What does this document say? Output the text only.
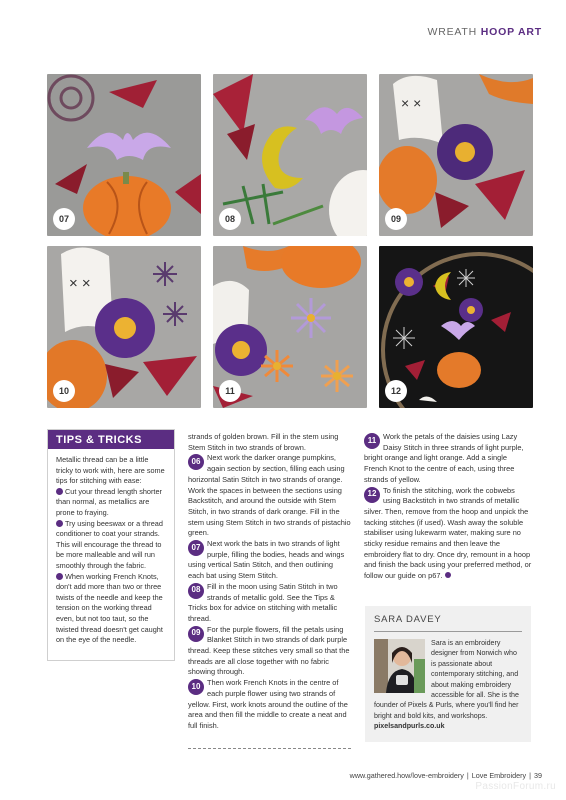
WREATH HOOP ART
07	08
× ×
09
× ×
10	11	12
TIPS & TRICKS

Metallic thread can be a little tricky to work with, here are some tips for stitching with ease:

Cut your thread length shorter than normal, as metallics are prone to fraying.

Try using beeswax or a thread conditioner to coat your strands. This will encourage the thread to be more malleable and will run smoothly through the fabric.

When working French Knots, don't add more than two or three twists of the needle and keep the tension on the working thread even, but not too taut, so the twisted thread doesn't get caught on the eye of the needle.

strands of golden brown. Fill in the stem using Stem Stitch in two strands of brown.

06 Next work the darker orange pumpkins, again section by section, filling each using horizontal Satin Stitch in two strands of orange. Work the spaces in between the sections using Backstitch, and around the outside with Stem Stitch, in two strands of dark orange. Fill in the stem using Stem Stitch in two strands of pistachio green.

07 Next work the bats in two strands of light purple, filling the bodies, heads and wings using vertical Satin Stitch, and then outlining each bat using Stem Stitch.

08 Fill in the moon using Satin Stitch in two strands of metallic gold. See the Tips & Tricks box for advice on stitching with metallic thread.

09 For the purple flowers, fill the petals using Blanket Stitch in two strands of dark purple thread. Keep these stitches very small so that the threads are all close together with no fabric showing through.

10 Then work French Knots in the centre of each purple flower using two strands of yellow. First, work knots around the outline of the area and then fill the middle to create a neat and full finish.

11 Work the petals of the daisies using Lazy Daisy Stitch in three strands of light purple, bright orange and light orange. Add a single French Knot to the centre of each, using three strands of yellow.

12 To finish the stitching, work the cobwebs using Backstitch in two strands of metallic silver. Then, remove from the hoop and unpick the tacking stitches (if used). Wash away the soluble stabiliser using lukewarm water, making sure no sticky residue remains and then leave the embroidery flat to dry. Once dry, remount in a hoop and finish the back using your preferred method, or follow our guide on p67.

SARA DAVEY

Sara is an embroidery designer from Norwich who is passionate about contemporary stitching, and about making embroidery accessible for all. She is the founder of Pixels & Purls, where you'll find her bright and bold kits, and workshops.
pixelsandpurls.co.uk

www.gathered.how/love-embroidery | Love Embroidery | 39
PassionForum.ru
